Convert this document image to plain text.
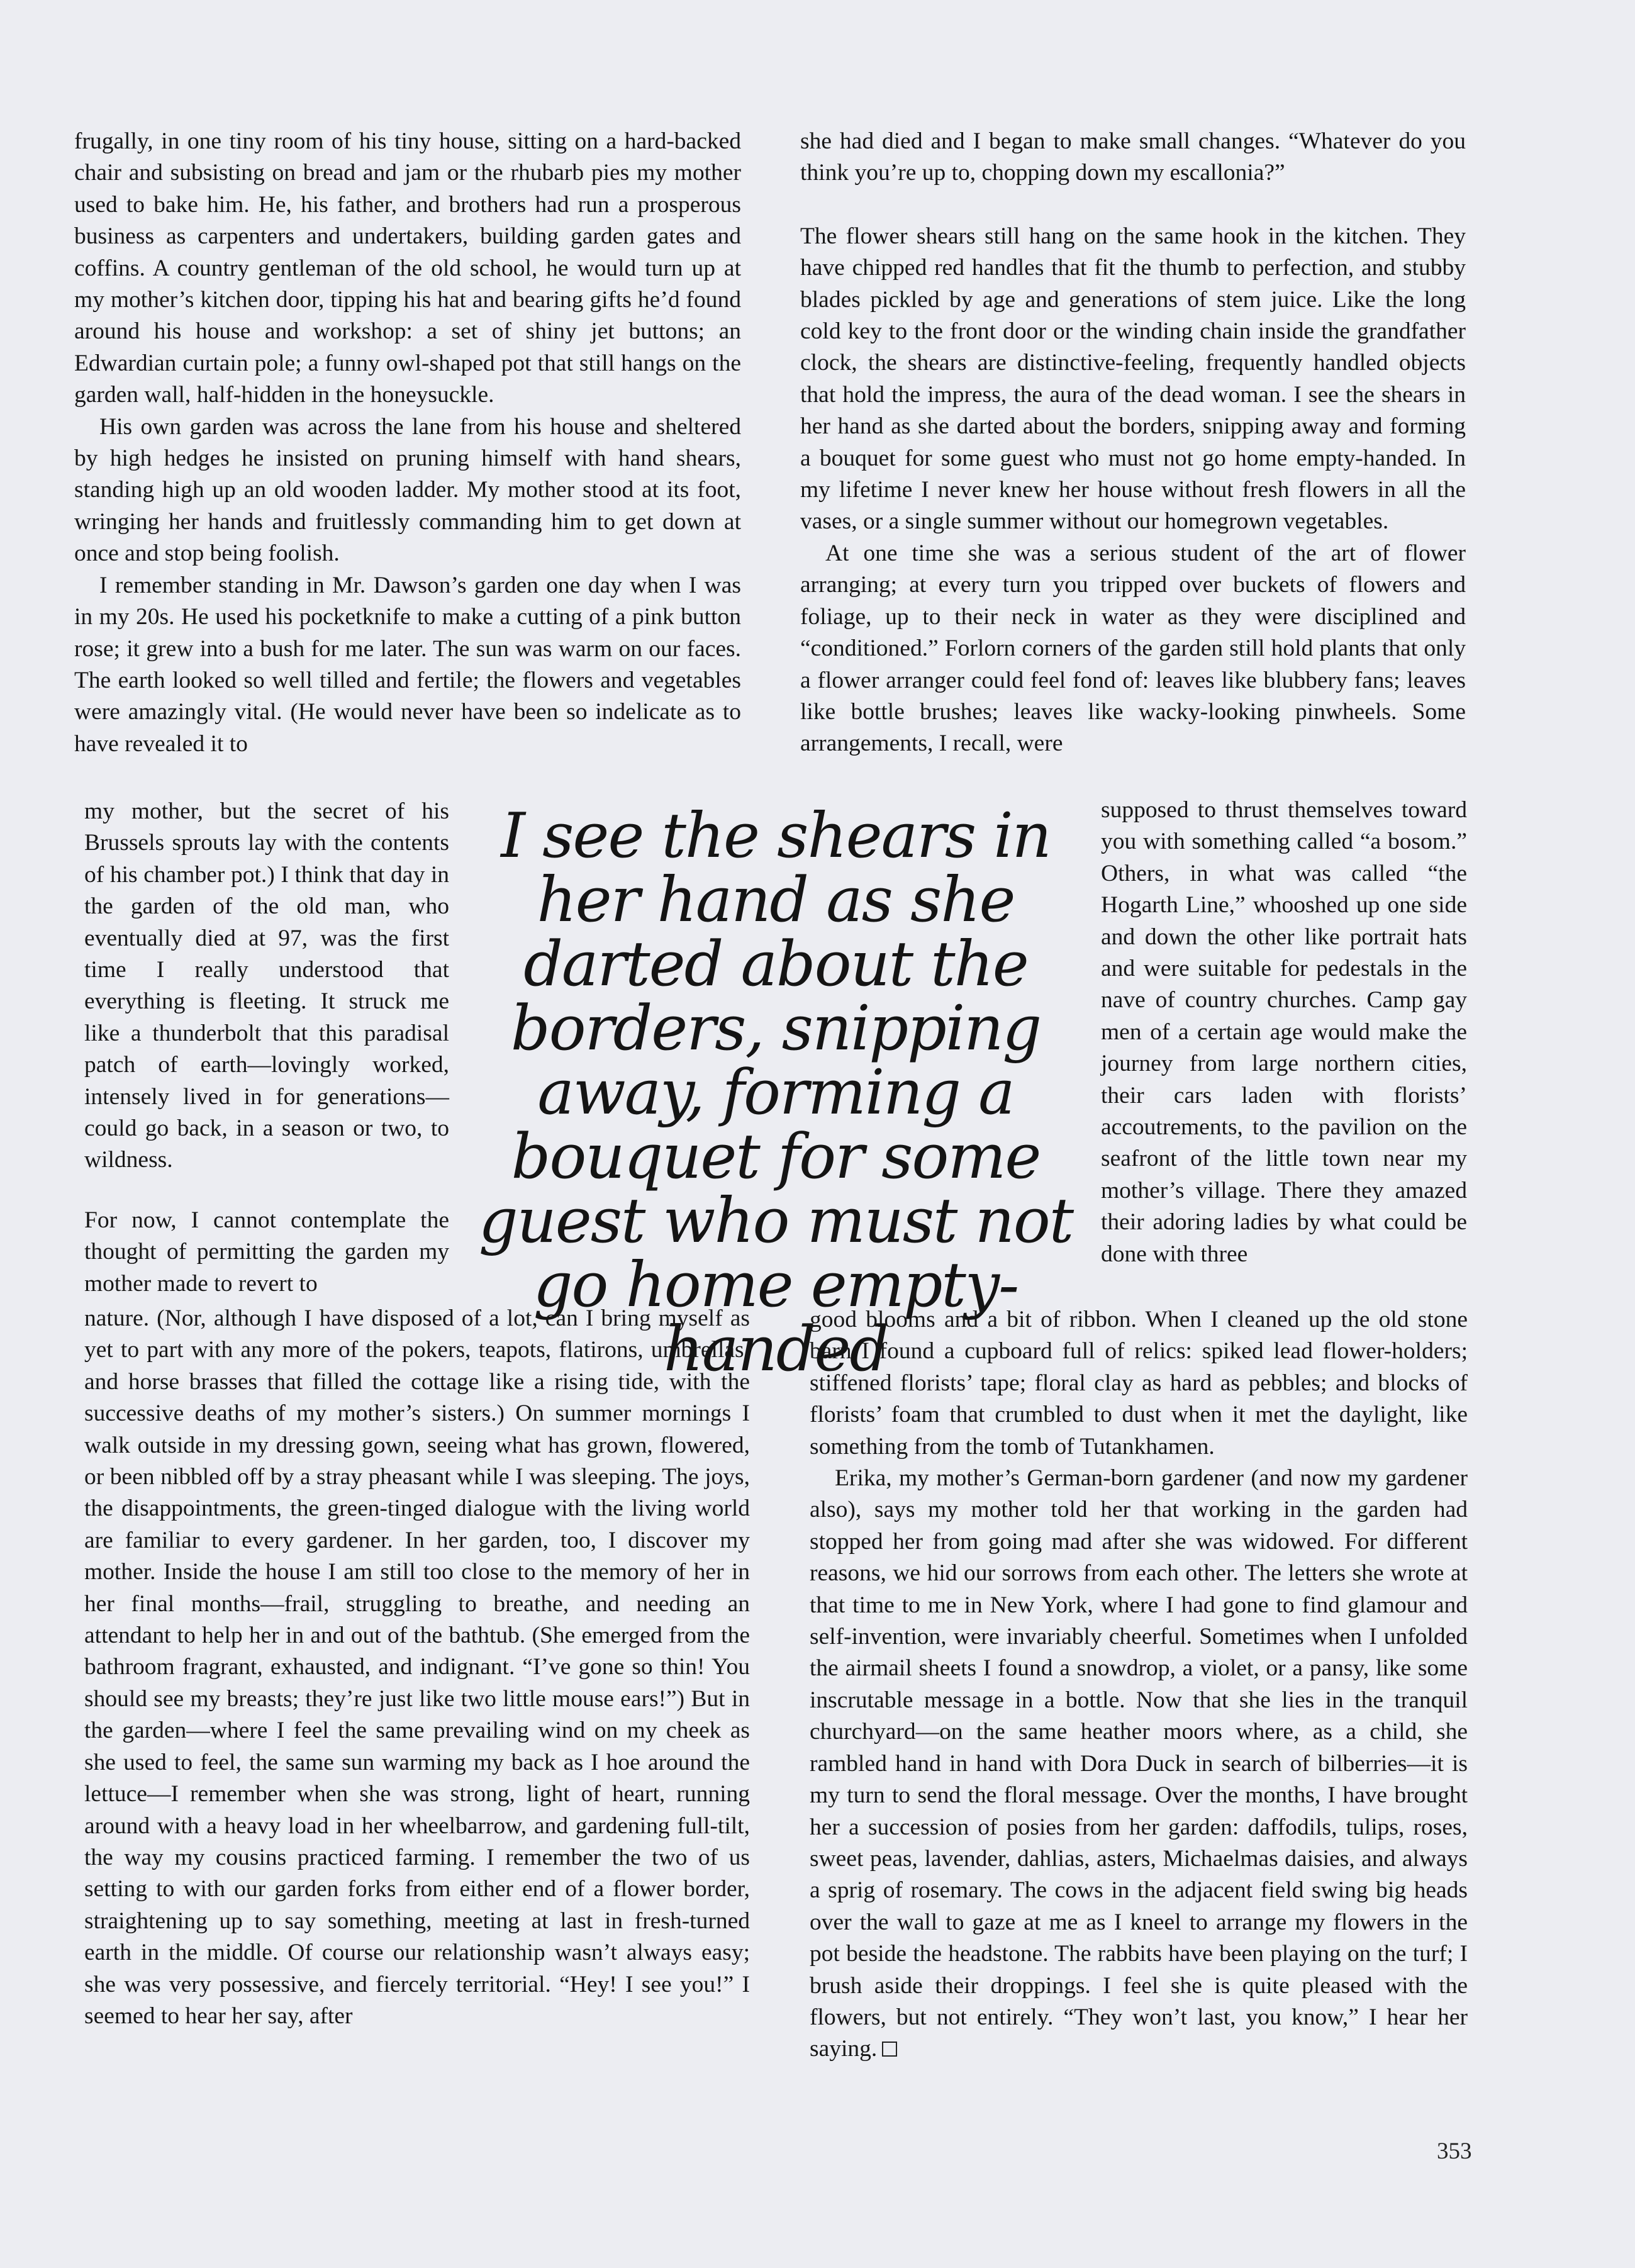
frugally, in one tiny room of his tiny house, sitting on a hard-backed chair and subsisting on bread and jam or the rhubarb pies my mother used to bake him. He, his father, and brothers had run a prosperous business as carpenters and undertakers, building garden gates and coffins. A country gentleman of the old school, he would turn up at my mother’s kitchen door, tipping his hat and bearing gifts he’d found around his house and workshop: a set of shiny jet buttons; an Edwardian curtain pole; a funny owl-shaped pot that still hangs on the garden wall, half-hidden in the honeysuckle.

His own garden was across the lane from his house and sheltered by high hedges he insisted on pruning himself with hand shears, standing high up an old wooden ladder. My mother stood at its foot, wringing her hands and fruitlessly commanding him to get down at once and stop being foolish.

I remember standing in Mr. Dawson’s garden one day when I was in my 20s. He used his pocketknife to make a cutting of a pink button rose; it grew into a bush for me later. The sun was warm on our faces. The earth looked so well tilled and fertile; the flowers and vegetables were amazingly vital. (He would never have been so indelicate as to have revealed it to

my mother, but the secret of his Brussels sprouts lay with the contents of his chamber pot.) I think that day in the garden of the old man, who eventually died at 97, was the first time I really understood that everything is fleeting. It struck me like a thunderbolt that this paradisal patch of earth—lovingly worked, intensely lived in for generations—could go back, in a season or two, to wildness.

For now, I cannot contemplate the thought of permitting the garden my mother made to revert to

nature. (Nor, although I have disposed of a lot, can I bring myself as yet to part with any more of the pokers, teapots, flatirons, umbrellas, and horse brasses that filled the cottage like a rising tide, with the successive deaths of my mother’s sisters.) On summer mornings I walk outside in my dressing gown, seeing what has grown, flowered, or been nibbled off by a stray pheasant while I was sleeping. The joys, the disappointments, the green-tinged dialogue with the living world are familiar to every gardener. In her garden, too, I discover my mother. Inside the house I am still too close to the memory of her in her final months—frail, struggling to breathe, and needing an attendant to help her in and out of the bathtub. (She emerged from the bathroom fragrant, exhausted, and indignant. “I’ve gone so thin! You should see my breasts; they’re just like two little mouse ears!”) But in the garden—where I feel the same prevailing wind on my cheek as she used to feel, the same sun warming my back as I hoe around the lettuce—I remember when she was strong, light of heart, running around with a heavy load in her wheelbarrow, and gardening full-tilt, the way my cousins practiced farming. I remember the two of us setting to with our garden forks from either end of a flower border, straightening up to say something, meeting at last in fresh-turned earth in the middle. Of course our relationship wasn’t always easy; she was very possessive, and fiercely territorial. “Hey! I see you!” I seemed to hear her say, after

she had died and I began to make small changes. “Whatever do you think you’re up to, chopping down my escallonia?”

The flower shears still hang on the same hook in the kitchen. They have chipped red handles that fit the thumb to perfection, and stubby blades pickled by age and generations of stem juice. Like the long cold key to the front door or the winding chain inside the grandfather clock, the shears are distinctive-feeling, frequently handled objects that hold the impress, the aura of the dead woman. I see the shears in her hand as she darted about the borders, snipping away and forming a bouquet for some guest who must not go home empty-handed. In my lifetime I never knew her house without fresh flowers in all the vases, or a single summer without our homegrown vegetables.

At one time she was a serious student of the art of flower arranging; at every turn you tripped over buckets of flowers and foliage, up to their neck in water as they were disciplined and “conditioned.” Forlorn corners of the garden still hold plants that only a flower arranger could feel fond of: leaves like blubbery fans; leaves like bottle brushes; leaves like wacky-looking pinwheels. Some arrangements, I recall, were

supposed to thrust themselves toward you with something called “a bosom.” Others, in what was called “the Hogarth Line,” whooshed up one side and down the other like portrait hats and were suitable for pedestals in the nave of country churches. Camp gay men of a certain age would make the journey from large northern cities, their cars laden with florists’ accoutrements, to the pavilion on the seafront of the little town near my mother’s village. There they amazed their adoring ladies by what could be done with three

good blooms and a bit of ribbon. When I cleaned up the old stone barn I found a cupboard full of relics: spiked lead flower-holders; stiffened florists’ tape; floral clay as hard as pebbles; and blocks of florists’ foam that crumbled to dust when it met the daylight, like something from the tomb of Tutankhamen.

Erika, my mother’s German-born gardener (and now my gardener also), says my mother told her that working in the garden had stopped her from going mad after she was widowed. For different reasons, we hid our sorrows from each other. The letters she wrote at that time to me in New York, where I had gone to find glamour and self-invention, were invariably cheerful. Sometimes when I unfolded the airmail sheets I found a snowdrop, a violet, or a pansy, like some inscrutable message in a bottle. Now that she lies in the tranquil churchyard—on the same heather moors where, as a child, she rambled hand in hand with Dora Duck in search of bilberries—it is my turn to send the floral message. Over the months, I have brought her a succession of posies from her garden: daffodils, tulips, roses, sweet peas, lavender, dahlias, asters, Michaelmas daisies, and always a sprig of rosemary. The cows in the adjacent field swing big heads over the wall to gaze at me as I kneel to arrange my flowers in the pot beside the headstone. The rabbits have been playing on the turf; I brush aside their droppings. I feel she is quite pleased with the flowers, but not entirely. “They won’t last, you know,” I hear her saying.

I see the shears in her hand as she darted about the borders, snipping away, forming a bouquet for some guest who must not go home empty-handed

353
